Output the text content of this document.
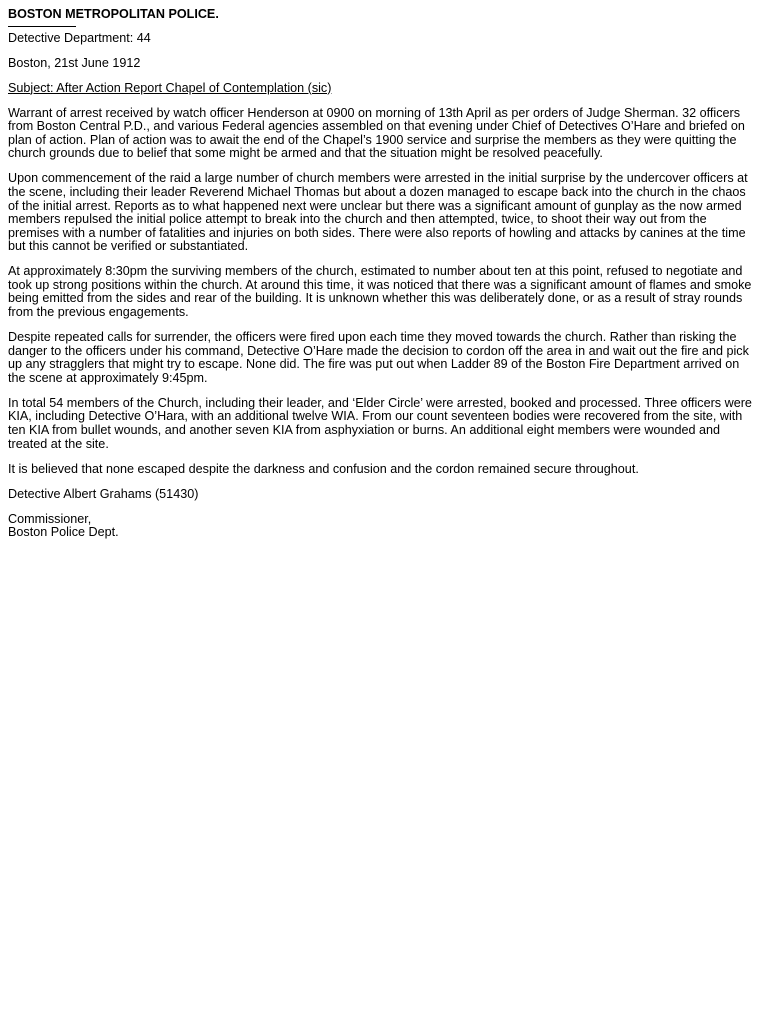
BOSTON METROPOLITAN POLICE.
Detective Department: 44

Boston, 21st June 1912

Subject: After Action Report Chapel of Contemplation (sic)

Warrant of arrest received by watch officer Henderson at 0900 on morning of 13th April as per orders of Judge Sherman. 32 officers from Boston Central P.D., and various Federal agencies assembled on that evening under Chief of Detectives O’Hare and briefed on plan of action. Plan of action was to await the end of the Chapel’s 1900 service and surprise the members as they were quitting the church grounds due to belief that some might be armed and that the situation might be resolved peacefully.

Upon commencement of the raid a large number of church members were arrested in the initial surprise by the undercover officers at the scene, including their leader Reverend Michael Thomas but about a dozen managed to escape back into the church in the chaos of the initial arrest. Reports as to what happened next were unclear but there was a significant amount of gunplay as the now armed members repulsed the initial police attempt to break into the church and then attempted, twice, to shoot their way out from the premises with a number of fatalities and injuries on both sides. There were also reports of howling and attacks by canines at the time but this cannot be verified or substantiated.

At approximately 8:30pm the surviving members of the church, estimated to number about ten at this point, refused to negotiate and took up strong positions within the church. At around this time, it was noticed that there was a significant amount of flames and smoke being emitted from the sides and rear of the building. It is unknown whether this was deliberately done, or as a result of stray rounds from the previous engagements.

Despite repeated calls for surrender, the officers were fired upon each time they moved towards the church. Rather than risking the danger to the officers under his command, Detective O’Hare made the decision to cordon off the area in and wait out the fire and pick up any stragglers that might try to escape. None did. The fire was put out when Ladder 89 of the Boston Fire Department arrived on the scene at approximately 9:45pm.

In total 54 members of the Church, including their leader, and ‘Elder Circle’ were arrested, booked and processed. Three officers were KIA, including Detective O’Hara, with an additional twelve WIA. From our count seventeen bodies were recovered from the site, with ten KIA from bullet wounds, and another seven KIA from asphyxiation or burns. An additional eight members were wounded and treated at the site.

It is believed that none escaped despite the darkness and confusion and the cordon remained secure throughout.

Detective Albert Grahams (51430)

Commissioner,
Boston Police Dept.
